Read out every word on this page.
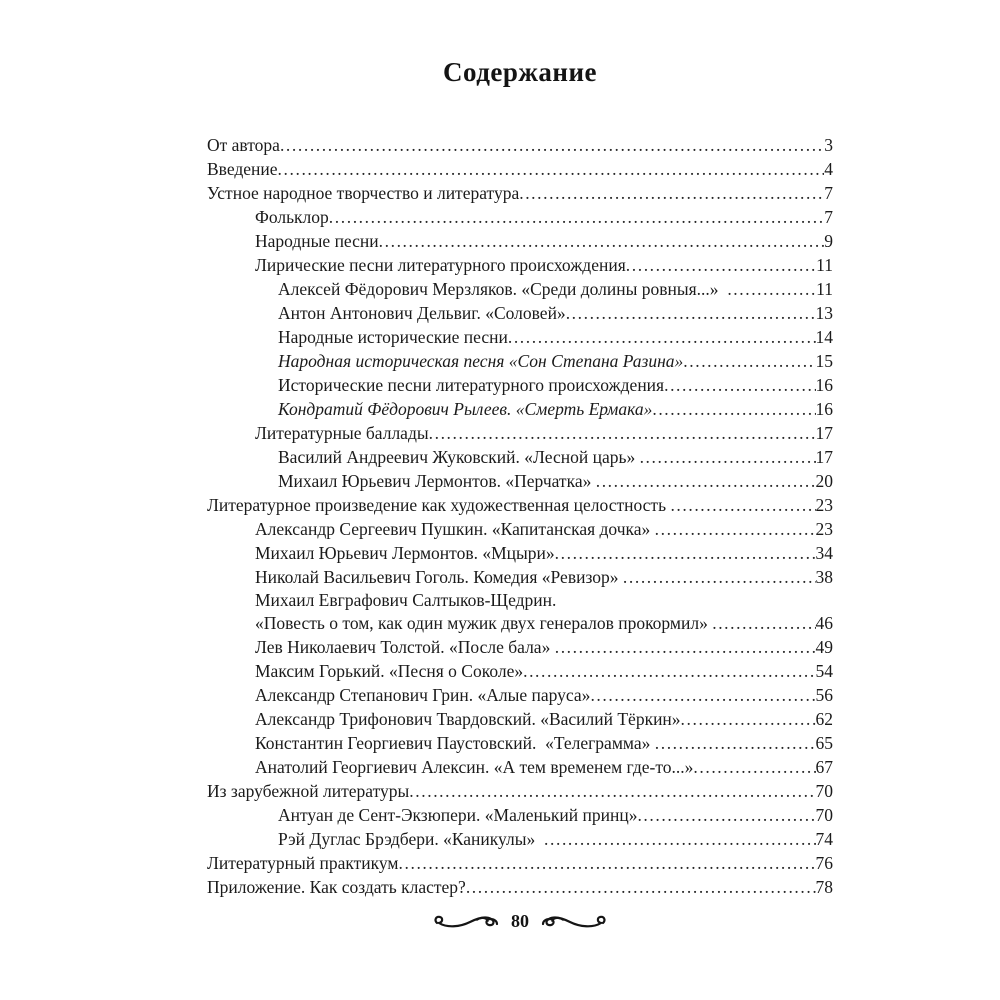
Содержание
От автора .....	3
Введение .....	4
Устное народное творчество и литература .....	7
Фольклор .....	7
Народные песни .....	9
Лирические песни литературного происхождения .....	11
Алексей Фёдорович Мерзляков. «Среди долины ровныя...» .....	11
Антон Антонович Дельвиг. «Соловей» .....	13
Народные исторические песни .....	14
Народная историческая песня «Сон Степана Разина» .....	15
Исторические песни литературного происхождения .....	16
Кондратий Фёдорович Рылеев. «Смерть Ермака» .....	16
Литературные баллады .....	17
Василий Андреевич Жуковский. «Лесной царь» .....	17
Михаил Юрьевич Лермонтов. «Перчатка» .....	20
Литературное произведение как художественная целостность .....	23
Александр Сергеевич Пушкин. «Капитанская дочка» .....	23
Михаил Юрьевич Лермонтов. «Мцыри» .....	34
Николай Васильевич Гоголь. Комедия «Ревизор» .....	38
Михаил Евграфович Салтыков-Щедрин.
«Повесть о том, как один мужик двух генералов прокормил» .....	46
Лев Николаевич Толстой. «После бала» .....	49
Максим Горький. «Песня о Соколе» .....	54
Александр Степанович Грин. «Алые паруса» .....	56
Александр Трифонович Твардовский. «Василий Тёркин» .....	62
Константин Георгиевич Паустовский.  «Телеграмма» .....	65
Анатолий Георгиевич Алексин. «А тем временем где-то...» .....	67
Из зарубежной литературы .....	70
Антуан де Сент-Экзюпери. «Маленький принц» .....	70
Рэй Дуглас Брэдбери. «Каникулы» .....	74
Литературный практикум .....	76
Приложение. Как создать кластер? .....	78
80
